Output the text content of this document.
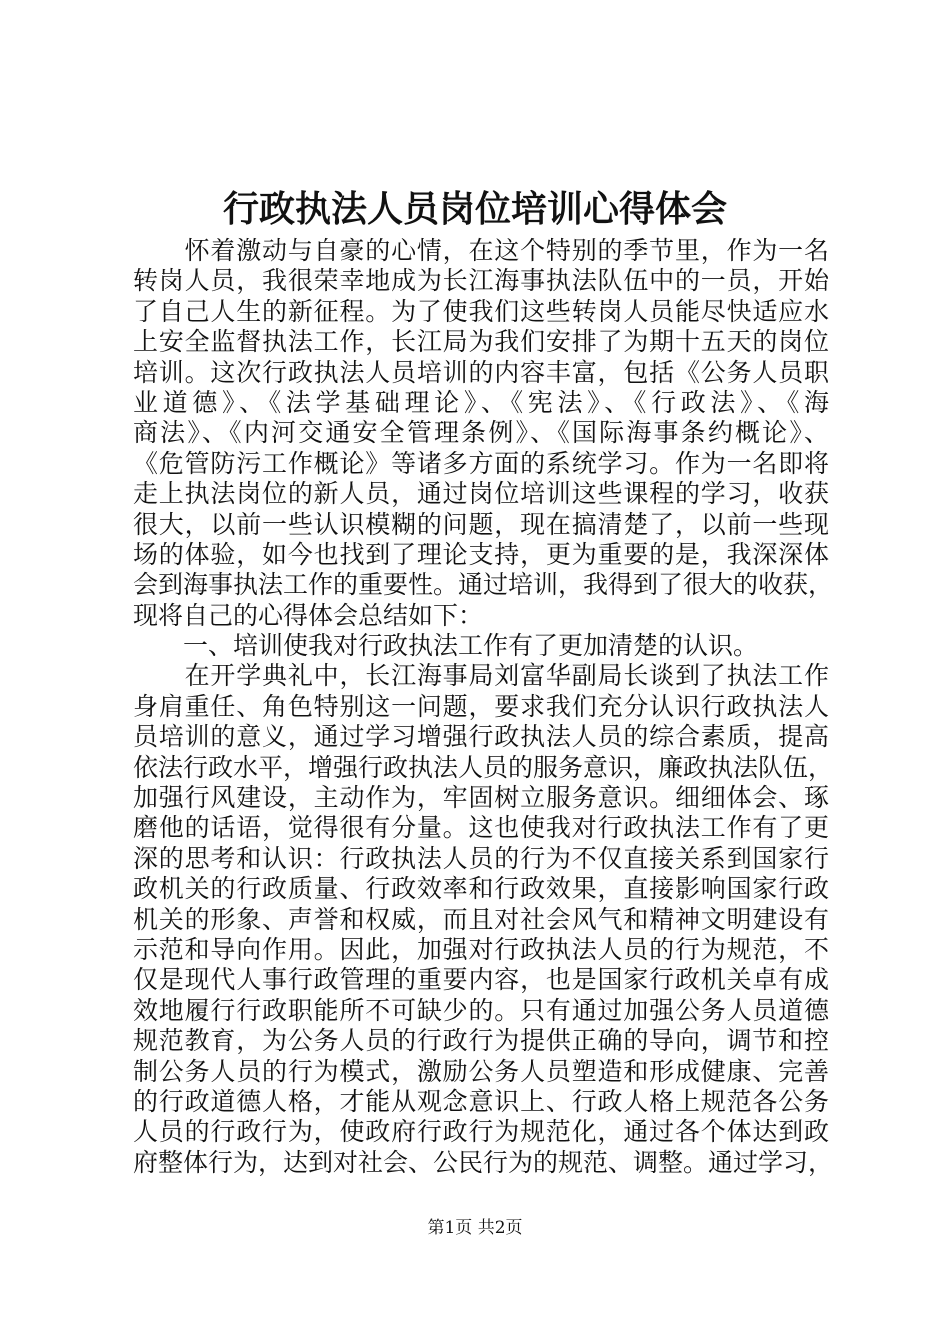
行政执法人员岗位培训心得体会
　　怀着激动与自豪的心情，在这个特别的季节里，作为一名
转岗人员，我很荣幸地成为长江海事执法队伍中的一员，开始
了自己人生的新征程。为了使我们这些转岗人员能尽快适应水
上安全监督执法工作，长江局为我们安排了为期十五天的岗位
培训。这次行政执法人员培训的内容丰富，包括《公务人员职
业道德》、《法学基础理论》、《宪法》、《行政法》、《海
商法》、《内河交通安全管理条例》、《国际海事条约概论》、
《危管防污工作概论》等诸多方面的系统学习。作为一名即将
走上执法岗位的新人员，通过岗位培训这些课程的学习，收获
很大，以前一些认识模糊的问题，现在搞清楚了，以前一些现
场的体验，如今也找到了理论支持，更为重要的是，我深深体
会到海事执法工作的重要性。通过培训，我得到了很大的收获，
现将自己的心得体会总结如下：
　　一、培训使我对行政执法工作有了更加清楚的认识。
　　在开学典礼中，长江海事局刘富华副局长谈到了执法工作
身肩重任、角色特别这一问题，要求我们充分认识行政执法人
员培训的意义，通过学习增强行政执法人员的综合素质，提高
依法行政水平，增强行政执法人员的服务意识，廉政执法队伍，
加强行风建设，主动作为，牢固树立服务意识。细细体会、琢
磨他的话语，觉得很有分量。这也使我对行政执法工作有了更
深的思考和认识：行政执法人员的行为不仅直接关系到国家行
政机关的行政质量、行政效率和行政效果，直接影响国家行政
机关的形象、声誉和权威，而且对社会风气和精神文明建设有
示范和导向作用。因此，加强对行政执法人员的行为规范，不
仅是现代人事行政管理的重要内容，也是国家行政机关卓有成
效地履行行政职能所不可缺少的。只有通过加强公务人员道德
规范教育，为公务人员的行政行为提供正确的导向，调节和控
制公务人员的行为模式，激励公务人员塑造和形成健康、完善
的行政道德人格，才能从观念意识上、行政人格上规范各公务
人员的行政行为，使政府行政行为规范化，通过各个体达到政
府整体行为，达到对社会、公民行为的规范、调整。通过学习，
第1页 共2页
